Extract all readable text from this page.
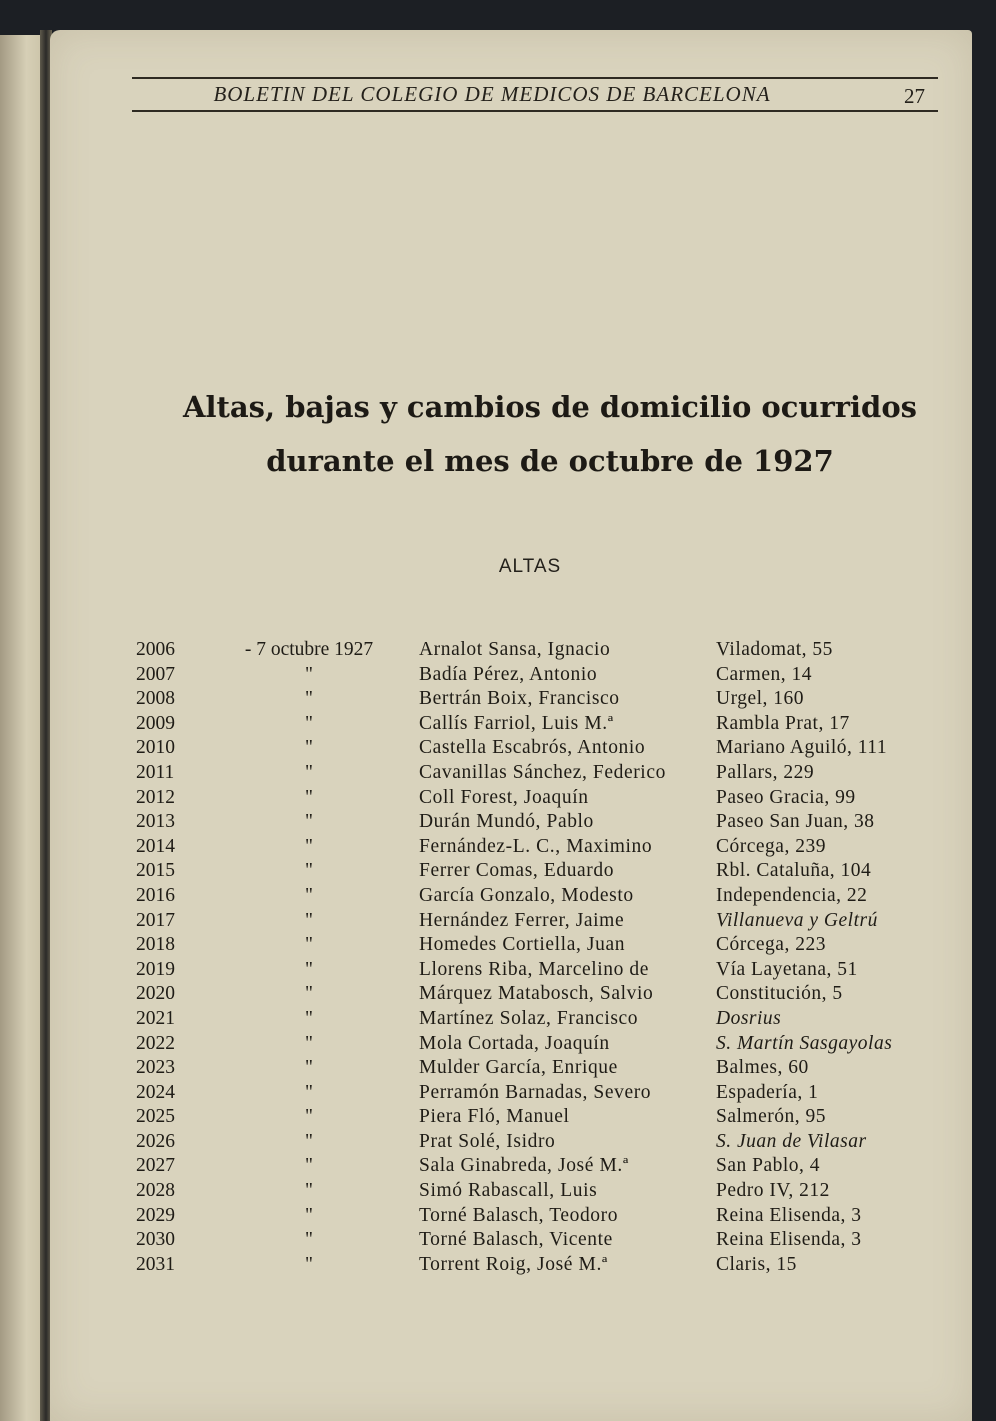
BOLETIN DEL COLEGIO DE MEDICOS DE BARCELONA	27
Altas, bajas y cambios de domicilio ocurridos
durante el mes de octubre de 1927
ALTAS
2006	- 7 octubre 1927	Arnalot Sansa, Ignacio	Viladomat, 55
2007	"	Badía Pérez, Antonio	Carmen, 14
2008	"	Bertrán Boix, Francisco	Urgel, 160
2009	"	Callís Farriol, Luis M.ª	Rambla Prat, 17
2010	"	Castella Escabrós, Antonio	Mariano Aguiló, 111
2011	"	Cavanillas Sánchez, Federico	Pallars, 229
2012	"	Coll Forest, Joaquín	Paseo Gracia, 99
2013	"	Durán Mundó, Pablo	Paseo San Juan, 38
2014	"	Fernández-L. C., Maximino	Córcega, 239
2015	"	Ferrer Comas, Eduardo	Rbl. Cataluña, 104
2016	"	García Gonzalo, Modesto	Independencia, 22
2017	"	Hernández Ferrer, Jaime	Villanueva y Geltrú
2018	"	Homedes Cortiella, Juan	Córcega, 223
2019	"	Llorens Riba, Marcelino de	Vía Layetana, 51
2020	"	Márquez Matabosch, Salvio	Constitución, 5
2021	"	Martínez Solaz, Francisco	Dosrius
2022	"	Mola Cortada, Joaquín	S. Martín Sasgayolas
2023	"	Mulder García, Enrique	Balmes, 60
2024	"	Perramón Barnadas, Severo	Espadería, 1
2025	"	Piera Fló, Manuel	Salmerón, 95
2026	"	Prat Solé, Isidro	S. Juan de Vilasar
2027	"	Sala Ginabreda, José M.ª	San Pablo, 4
2028	"	Simó Rabascall, Luis	Pedro IV, 212
2029	"	Torné Balasch, Teodoro	Reina Elisenda, 3
2030	"	Torné Balasch, Vicente	Reina Elisenda, 3
2031	"	Torrent Roig, José M.ª	Claris, 15
